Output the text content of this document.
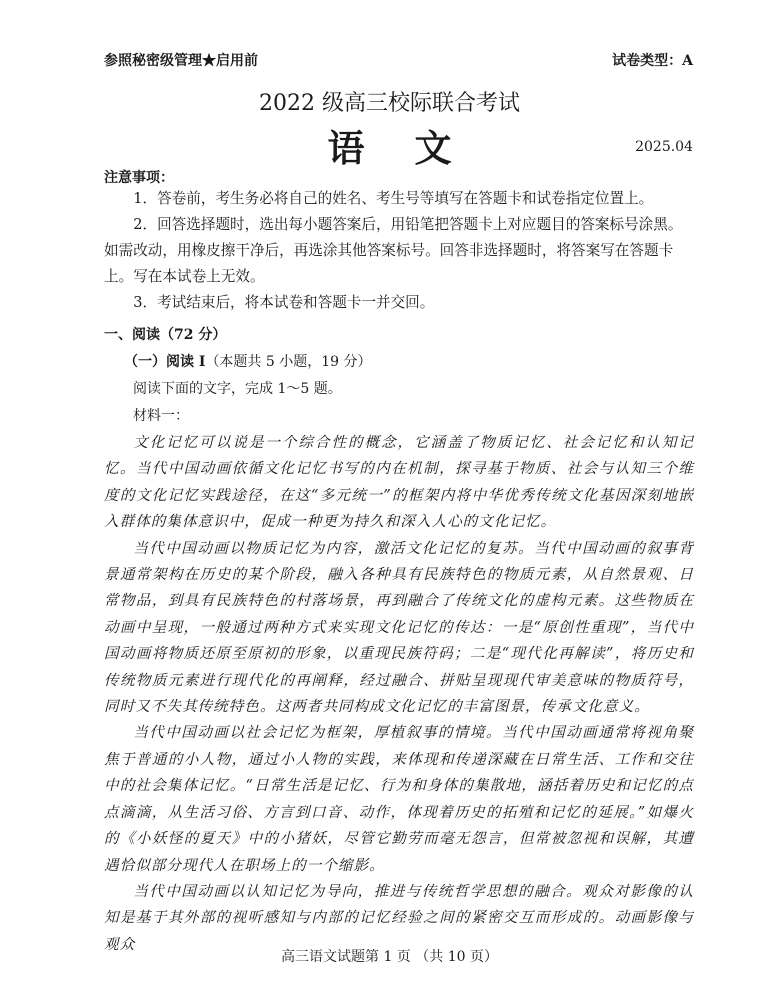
参照秘密级管理★启用前	试卷类型：A
2022 级高三校际联合考试
语文	2025.04
注意事项：

1．答卷前，考生务必将自己的姓名、考生号等填写在答题卡和试卷指定位置上。

2．回答选择题时，选出每小题答案后，用铅笔把答题卡上对应题目的答案标号涂黑。如需改动，用橡皮擦干净后，再选涂其他答案标号。回答非选择题时，将答案写在答题卡上。写在本试卷上无效。

3．考试结束后，将本试卷和答题卡一并交回。

一、阅读（72 分）
（一）阅读 I（本题共 5 小题，19 分）
阅读下面的文字，完成 1～5 题。
材料一：

文化记忆可以说是一个综合性的概念，它涵盖了物质记忆、社会记忆和认知记忆。当代中国动画依循文化记忆书写的内在机制，探寻基于物质、社会与认知三个维度的文化记忆实践途径，在这“多元统一”的框架内将中华优秀传统文化基因深刻地嵌入群体的集体意识中，促成一种更为持久和深入人心的文化记忆。

当代中国动画以物质记忆为内容，激活文化记忆的复苏。当代中国动画的叙事背景通常架构在历史的某个阶段，融入各种具有民族特色的物质元素，从自然景观、日常物品，到具有民族特色的村落场景，再到融合了传统文化的虚构元素。这些物质在动画中呈现，一般通过两种方式来实现文化记忆的传达：一是“原创性重现”，当代中国动画将物质还原至原初的形象，以重现民族符码；二是“现代化再解读”，将历史和传统物质元素进行现代化的再阐释，经过融合、拼贴呈现现代审美意味的物质符号，同时又不失其传统特色。这两者共同构成文化记忆的丰富图景，传承文化意义。

当代中国动画以社会记忆为框架，厚植叙事的情境。当代中国动画通常将视角聚焦于普通的小人物，通过小人物的实践，来体现和传递深藏在日常生活、工作和交往中的社会集体记忆。“日常生活是记忆、行为和身体的集散地，涵括着历史和记忆的点点滴滴，从生活习俗、方言到口音、动作，体现着历史的拓殖和记忆的延展。”如爆火的《小妖怪的夏天》中的小猪妖，尽管它勤劳而毫无怨言，但常被忽视和误解，其遭遇恰似部分现代人在职场上的一个缩影。

当代中国动画以认知记忆为导向，推进与传统哲学思想的融合。观众对影像的认知是基于其外部的视听感知与内部的记忆经验之间的紧密交互而形成的。动画影像与观众

高三语文试题第 1 页 （共 10 页）
